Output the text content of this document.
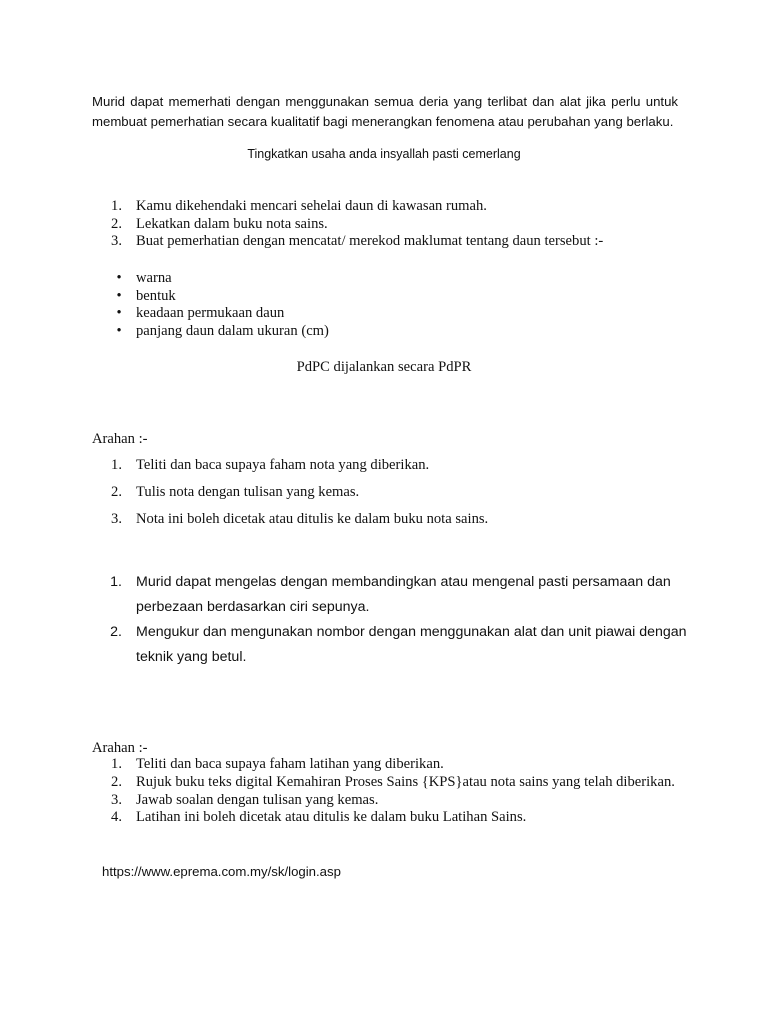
Murid dapat memerhati dengan menggunakan semua deria yang terlibat dan alat jika perlu untuk membuat pemerhatian secara kualitatif bagi menerangkan fenomena atau perubahan yang berlaku.

Tingkatkan usaha anda insyallah pasti cemerlang
1. Kamu dikehendaki mencari sehelai daun di kawasan rumah.
2. Lekatkan dalam buku nota sains.
3. Buat pemerhatian dengan mencatat/ merekod maklumat tentang daun tersebut :-
• warna
• bentuk
• keadaan permukaan daun
• panjang daun dalam ukuran (cm)
PdPC dijalankan secara PdPR
Arahan :-
1. Teliti dan baca supaya faham nota yang diberikan.
2. Tulis nota dengan tulisan yang kemas.
3. Nota ini boleh dicetak atau ditulis ke dalam buku nota sains.
1. Murid dapat mengelas dengan membandingkan atau mengenal pasti persamaan dan perbezaan berdasarkan ciri sepunya.
2. Mengukur dan mengunakan nombor dengan menggunakan alat dan unit piawai dengan teknik yang betul.
Arahan :-
1. Teliti dan baca supaya faham latihan yang diberikan.
2. Rujuk buku teks digital Kemahiran Proses Sains {KPS}atau nota sains yang telah diberikan.
3. Jawab soalan dengan tulisan yang kemas.
4. Latihan ini boleh dicetak atau ditulis ke dalam buku Latihan Sains.
https://www.eprema.com.my/sk/login.asp
